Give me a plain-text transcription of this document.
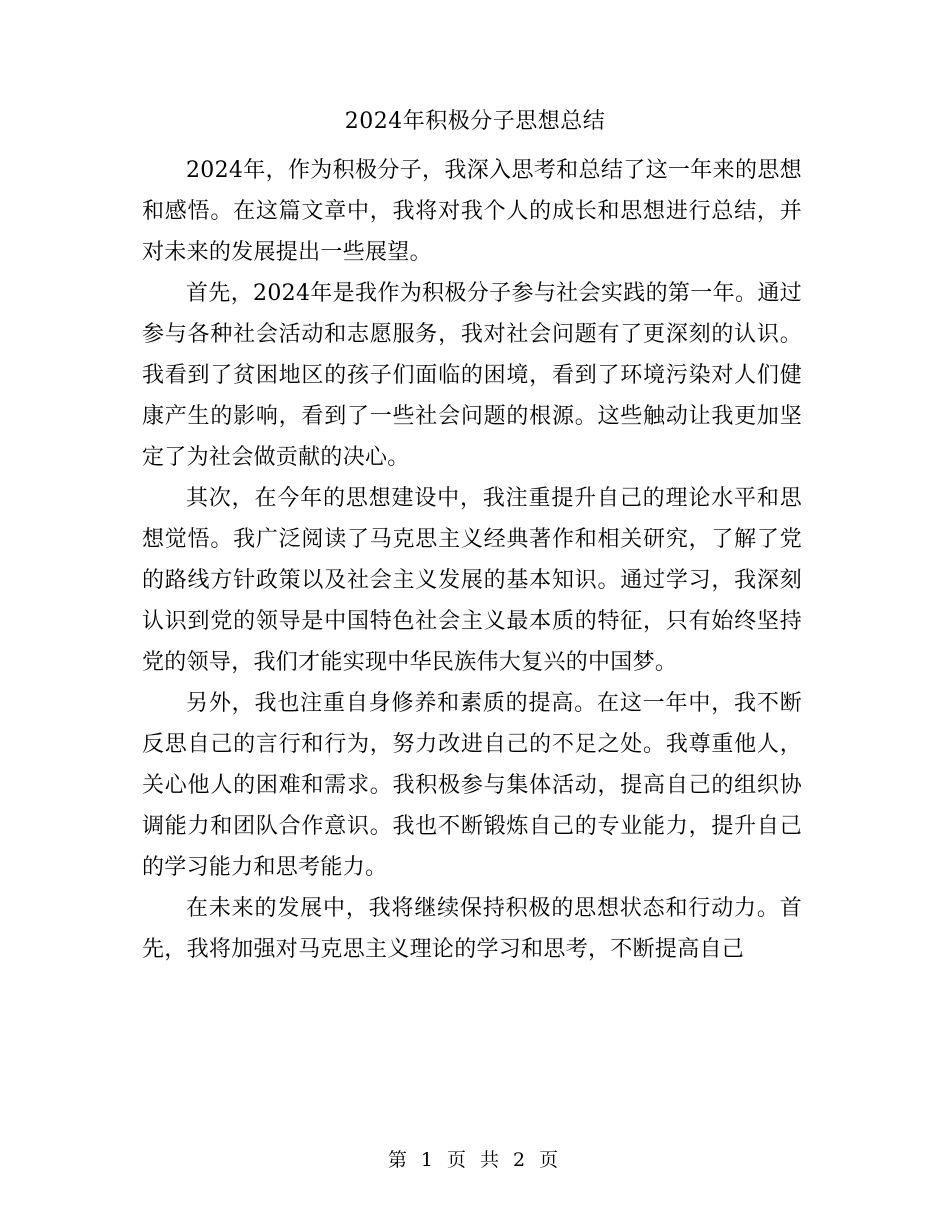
2024年积极分子思想总结

2024年，作为积极分子，我深入思考和总结了这一年来的思想和感悟。在这篇文章中，我将对我个人的成长和思想进行总结，并对未来的发展提出一些展望。

首先，2024年是我作为积极分子参与社会实践的第一年。通过参与各种社会活动和志愿服务，我对社会问题有了更深刻的认识。我看到了贫困地区的孩子们面临的困境，看到了环境污染对人们健康产生的影响，看到了一些社会问题的根源。这些触动让我更加坚定了为社会做贡献的决心。

其次，在今年的思想建设中，我注重提升自己的理论水平和思想觉悟。我广泛阅读了马克思主义经典著作和相关研究，了解了党的路线方针政策以及社会主义发展的基本知识。通过学习，我深刻认识到党的领导是中国特色社会主义最本质的特征，只有始终坚持党的领导，我们才能实现中华民族伟大复兴的中国梦。

另外，我也注重自身修养和素质的提高。在这一年中，我不断反思自己的言行和行为，努力改进自己的不足之处。我尊重他人，关心他人的困难和需求。我积极参与集体活动，提高自己的组织协调能力和团队合作意识。我也不断锻炼自己的专业能力，提升自己的学习能力和思考能力。

在未来的发展中，我将继续保持积极的思想状态和行动力。首先，我将加强对马克思主义理论的学习和思考，不断提高自己

第 1 页 共 2 页
